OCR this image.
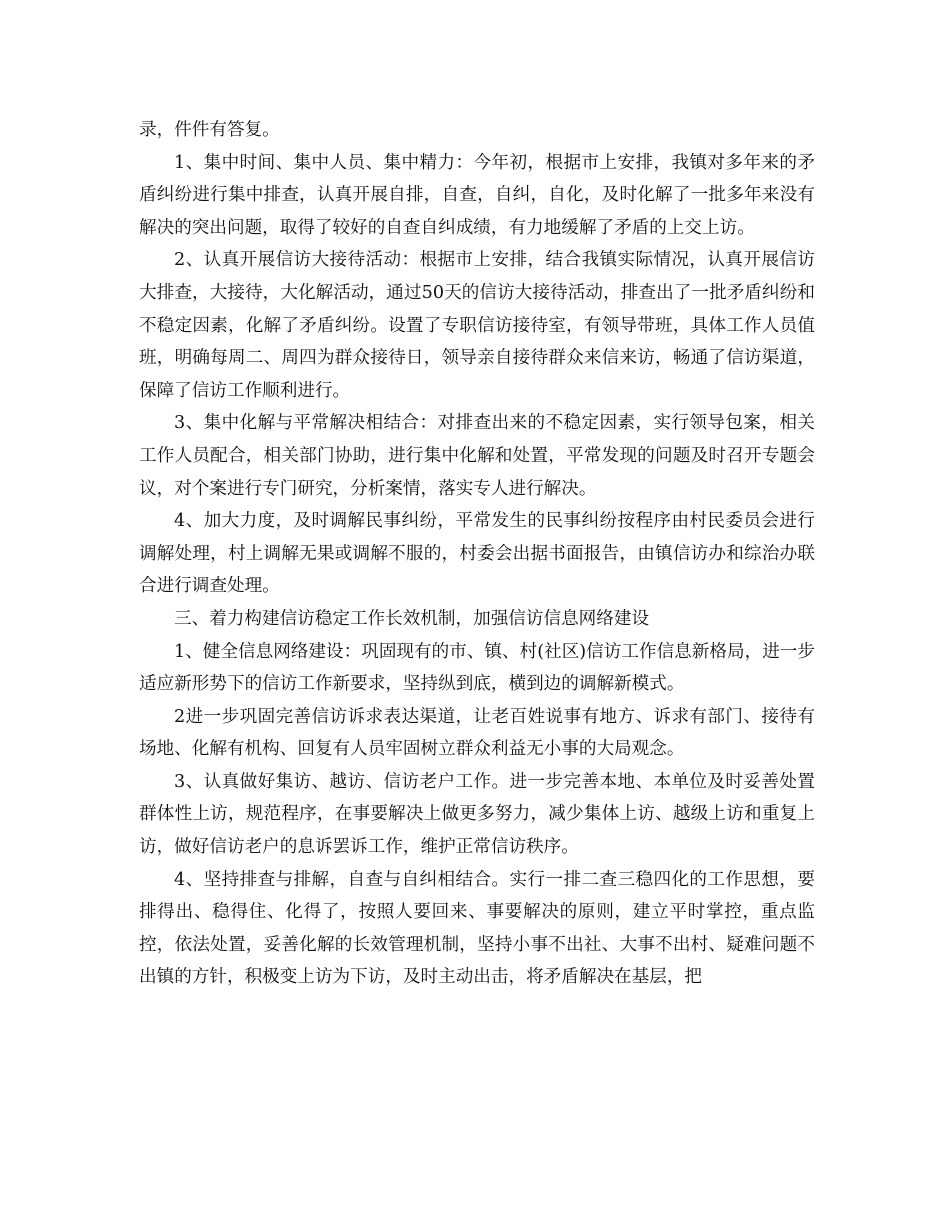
录，件件有答复。

1、集中时间、集中人员、集中精力：今年初，根据市上安排，我镇对多年来的矛盾纠纷进行集中排查，认真开展自排，自查，自纠，自化，及时化解了一批多年来没有解决的突出问题，取得了较好的自查自纠成绩，有力地缓解了矛盾的上交上访。

2、认真开展信访大接待活动：根据市上安排，结合我镇实际情况，认真开展信访大排查，大接待，大化解活动，通过50天的信访大接待活动，排查出了一批矛盾纠纷和不稳定因素，化解了矛盾纠纷。设置了专职信访接待室，有领导带班，具体工作人员值班，明确每周二、周四为群众接待日，领导亲自接待群众来信来访，畅通了信访渠道，保障了信访工作顺利进行。

3、集中化解与平常解决相结合：对排查出来的不稳定因素，实行领导包案，相关工作人员配合，相关部门协助，进行集中化解和处置，平常发现的问题及时召开专题会议，对个案进行专门研究，分析案情，落实专人进行解决。

4、加大力度，及时调解民事纠纷，平常发生的民事纠纷按程序由村民委员会进行调解处理，村上调解无果或调解不服的，村委会出据书面报告，由镇信访办和综治办联合进行调查处理。

三、着力构建信访稳定工作长效机制，加强信访信息网络建设

1、健全信息网络建设：巩固现有的市、镇、村(社区)信访工作信息新格局，进一步适应新形势下的信访工作新要求，坚持纵到底，横到边的调解新模式。

2进一步巩固完善信访诉求表达渠道，让老百姓说事有地方、诉求有部门、接待有场地、化解有机构、回复有人员牢固树立群众利益无小事的大局观念。

3、认真做好集访、越访、信访老户工作。进一步完善本地、本单位及时妥善处置群体性上访，规范程序，在事要解决上做更多努力，减少集体上访、越级上访和重复上访，做好信访老户的息诉罢诉工作，维护正常信访秩序。

4、坚持排查与排解，自查与自纠相结合。实行一排二查三稳四化的工作思想，要排得出、稳得住、化得了，按照人要回来、事要解决的原则，建立平时掌控，重点监控，依法处置，妥善化解的长效管理机制，坚持小事不出社、大事不出村、疑难问题不出镇的方针，积极变上访为下访，及时主动出击，将矛盾解决在基层，把
